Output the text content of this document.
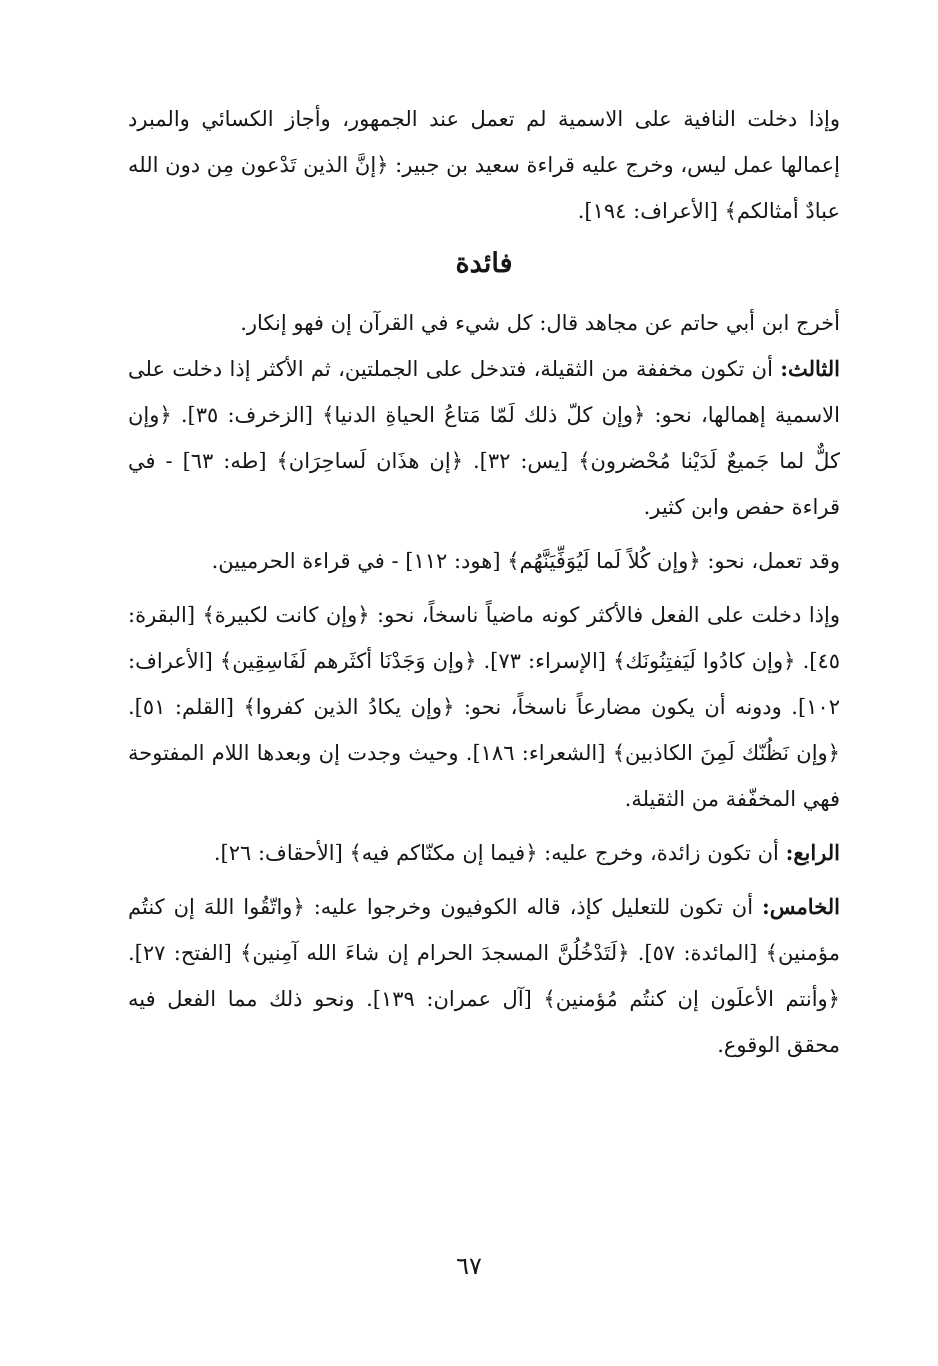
وإذا دخلت النافية على الاسمية لم تعمل عند الجمهور، وأجاز الكسائي والمبرد إعمالها عمل ليس، وخرج عليه قراءة سعيد بن جبير: ﴿إنَّ الذين تَدْعون مِن دون الله عبادٌ أمثالكم﴾ [الأعراف: ١٩٤].

فائدة

أخرج ابن أبي حاتم عن مجاهد قال: كل شيء في القرآن إن فهو إنكار.

الثالث: أن تكون مخففة من الثقيلة، فتدخل على الجملتين، ثم الأكثر إذا دخلت على الاسمية إهمالها، نحو: ﴿وإن كلّ ذلك لَمّا مَتاعُ الحياةِ الدنيا﴾ [الزخرف: ٣٥]. ﴿وإن كلٌّ لما جَميعٌ لَدَيْنا مُحْضرون﴾ [يس: ٣٢]. ﴿إن هذَان لَساحِرَان﴾ [طه: ٦٣] - في قراءة حفص وابن كثير.

وقد تعمل، نحو: ﴿وإن كُلاً لَما لَيُوَفِّيَنَّهُم﴾ [هود: ١١٢] - في قراءة الحرميين.

وإذا دخلت على الفعل فالأكثر كونه ماضياً ناسخاً، نحو: ﴿وإن كانت لكبيرة﴾ [البقرة: ٤٥]. ﴿وإن كادُوا لَيَفتِنُونَك﴾ [الإسراء: ٧٣]. ﴿وإن وَجَدْنَا أكثَرهم لَفَاسِقِين﴾ [الأعراف: ١٠٢]. ودونه أن يكون مضارعاً ناسخاً، نحو: ﴿وإن يكادُ الذين كفروا﴾ [القلم: ٥١]. ﴿وإن نَظُنّك لَمِنَ الكاذبين﴾ [الشعراء: ١٨٦]. وحيث وجدت إن وبعدها اللام المفتوحة فهي المخفّفة من الثقيلة.

الرابع: أن تكون زائدة، وخرج عليه: ﴿فيما إن مكنّاكم فيه﴾ [الأحقاف: ٢٦].

الخامس: أن تكون للتعليل كإذ، قاله الكوفيون وخرجوا عليه: ﴿واتّقُوا اللهَ إن كنتُم مؤمنين﴾ [المائدة: ٥٧]. ﴿لَتَدْخُلُنَّ المسجدَ الحرام إن شاءَ الله آمِنين﴾ [الفتح: ٢٧]. ﴿وأنتم الأعلَون إن كنتُم مُؤمنين﴾ [آل عمران: ١٣٩]. ونحو ذلك مما الفعل فيه محقق الوقوع.

٦٧
